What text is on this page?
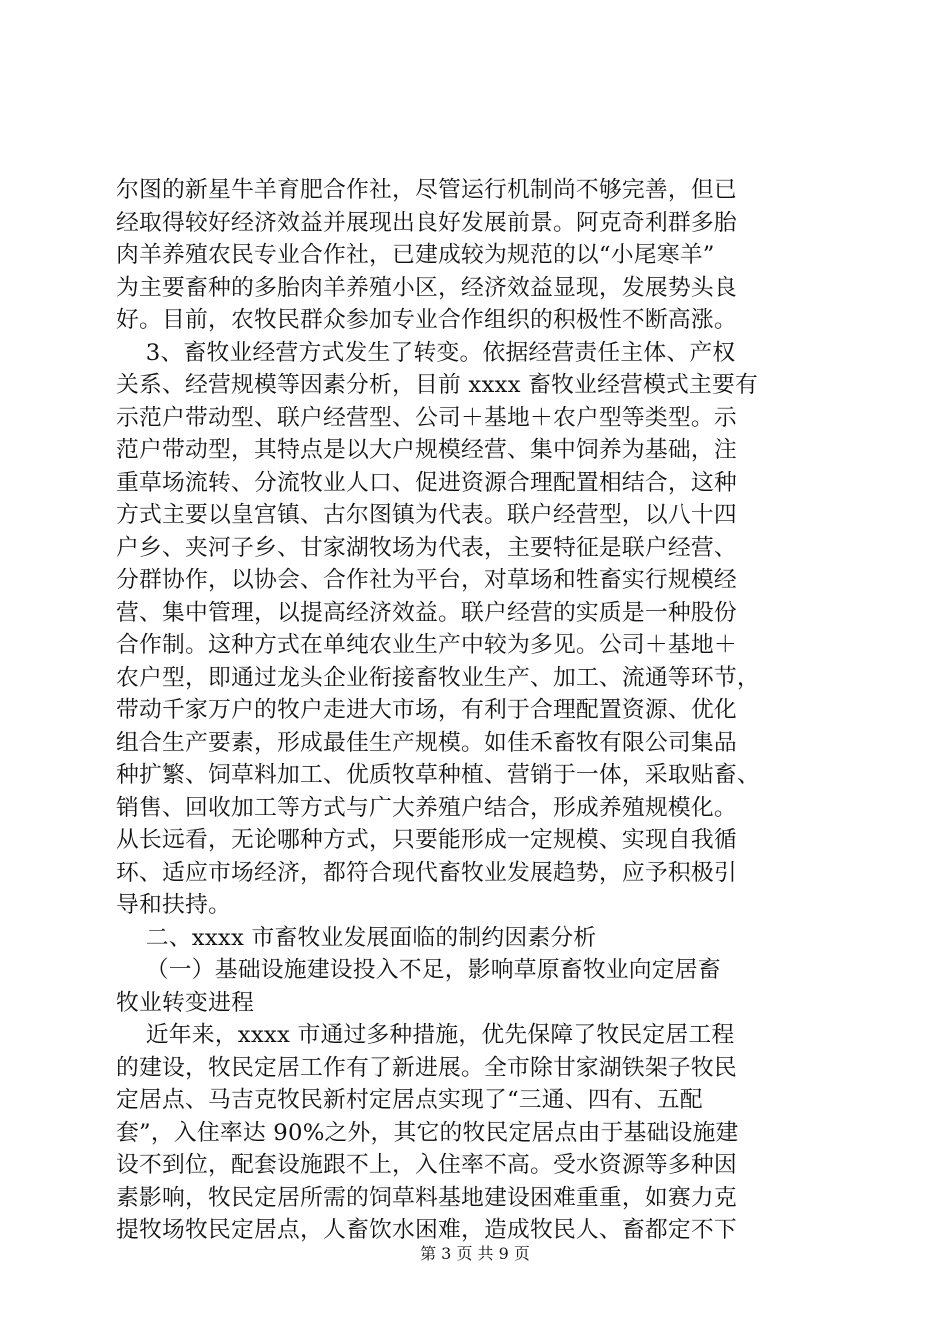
尔图的新星牛羊育肥合作社，尽管运行机制尚不够完善，但已
经取得较好经济效益并展现出良好发展前景。阿克奇利群多胎
肉羊养殖农民专业合作社，已建成较为规范的以“小尾寒羊”
为主要畜种的多胎肉羊养殖小区，经济效益显现，发展势头良
好。目前，农牧民群众参加专业合作组织的积极性不断高涨。
3、畜牧业经营方式发生了转变。依据经营责任主体、产权
关系、经营规模等因素分析，目前 xxxx 畜牧业经营模式主要有
示范户带动型、联户经营型、公司＋基地＋农户型等类型。示
范户带动型，其特点是以大户规模经营、集中饲养为基础，注
重草场流转、分流牧业人口、促进资源合理配置相结合，这种
方式主要以皇宫镇、古尔图镇为代表。联户经营型，以八十四
户乡、夹河子乡、甘家湖牧场为代表，主要特征是联户经营、
分群协作，以协会、合作社为平台，对草场和牲畜实行规模经
营、集中管理，以提高经济效益。联户经营的实质是一种股份
合作制。这种方式在单纯农业生产中较为多见。公司＋基地＋
农户型，即通过龙头企业衔接畜牧业生产、加工、流通等环节，
带动千家万户的牧户走进大市场，有利于合理配置资源、优化
组合生产要素，形成最佳生产规模。如佳禾畜牧有限公司集品
种扩繁、饲草料加工、优质牧草种植、营销于一体，采取贴畜、
销售、回收加工等方式与广大养殖户结合，形成养殖规模化。
从长远看，无论哪种方式，只要能形成一定规模、实现自我循
环、适应市场经济，都符合现代畜牧业发展趋势，应予积极引
导和扶持。
二、xxxx 市畜牧业发展面临的制约因素分析
（一）基础设施建设投入不足，影响草原畜牧业向定居畜
牧业转变进程
近年来，xxxx 市通过多种措施，优先保障了牧民定居工程
的建设，牧民定居工作有了新进展。全市除甘家湖铁架子牧民
定居点、马吉克牧民新村定居点实现了“三通、四有、五配
套”，入住率达 90%之外，其它的牧民定居点由于基础设施建
设不到位，配套设施跟不上，入住率不高。受水资源等多种因
素影响，牧民定居所需的饲草料基地建设困难重重，如赛力克
提牧场牧民定居点，人畜饮水困难，造成牧民人、畜都定不下
第 3 页 共 9 页
